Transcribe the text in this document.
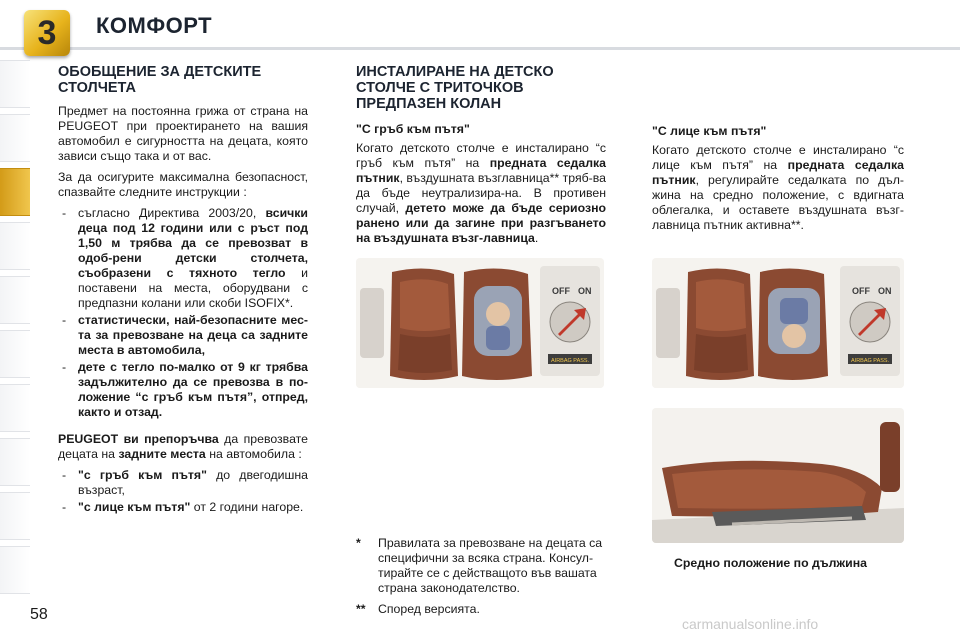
3 КОМФОРТ
ОБОБЩЕНИЕ ЗА ДЕТСКИТЕ
СТОЛЧЕТА

Предмет на постоянна грижа от страна на PEUGEOT при проектирането на вашия автомобил е сигурността на децата, която зависи също така и от вас.

За да осигурите максимална безопасност, спазвайте следните инструкции :

- съгласно Директива 2003/20, всички деца под 12 години или с ръст под 1,50 м трябва да се превозват в одоб-рени детски столчета, съобразени с тяхното тегло и поставени на места, оборудвани с предпазни колани или скоби ISOFIX*.
- статистически, най-безопасните мес-та за превозване на деца са задните места в автомобила,
- дете с тегло по-малко от 9 кг трябва задължително да се превозва в по-ложение “с гръб към пътя”, отпред, както и отзад.

PEUGEOT ви препоръчва да превозвате децата на задните места на автомобила :

- "с гръб към пътя" до двегодишна възраст,
- "с лице към пътя" от 2 години нагоре.
ИНСТАЛИРАНЕ НА ДЕТСКО
СТОЛЧЕ С ТРИТОЧКОВ
ПРЕДПАЗЕН КОЛАН
"С гръб към пътя"

Когато детското столче е инсталирано “с гръб към пътя” на предната седалка пътник, въздушната възглавница** тряб-ва да бъде неутрализира-на. В противен случай, детето може да бъде сериозно ранено или да загине при разгъването на въздушната възг-лавница.

"С лице към пътя"

Когато детското столче е инсталирано “с лице към пътя” на предната седалка пътник, регулирайте седалката по дъл-жина на средно положение, с вдигната облегалка, и оставете въздушната възг-лавница пътник активна**.

OFF ON
AIRBAG PASS.
OFF ON
AIRBAG PASS.
Средно положение по дължина
* Правилата за превозване на децата са специфични за всяка страна. Консул-тирайте се с действащото във вашата страна законодателство.
** Според версията.
58
carmanualsonline.info
